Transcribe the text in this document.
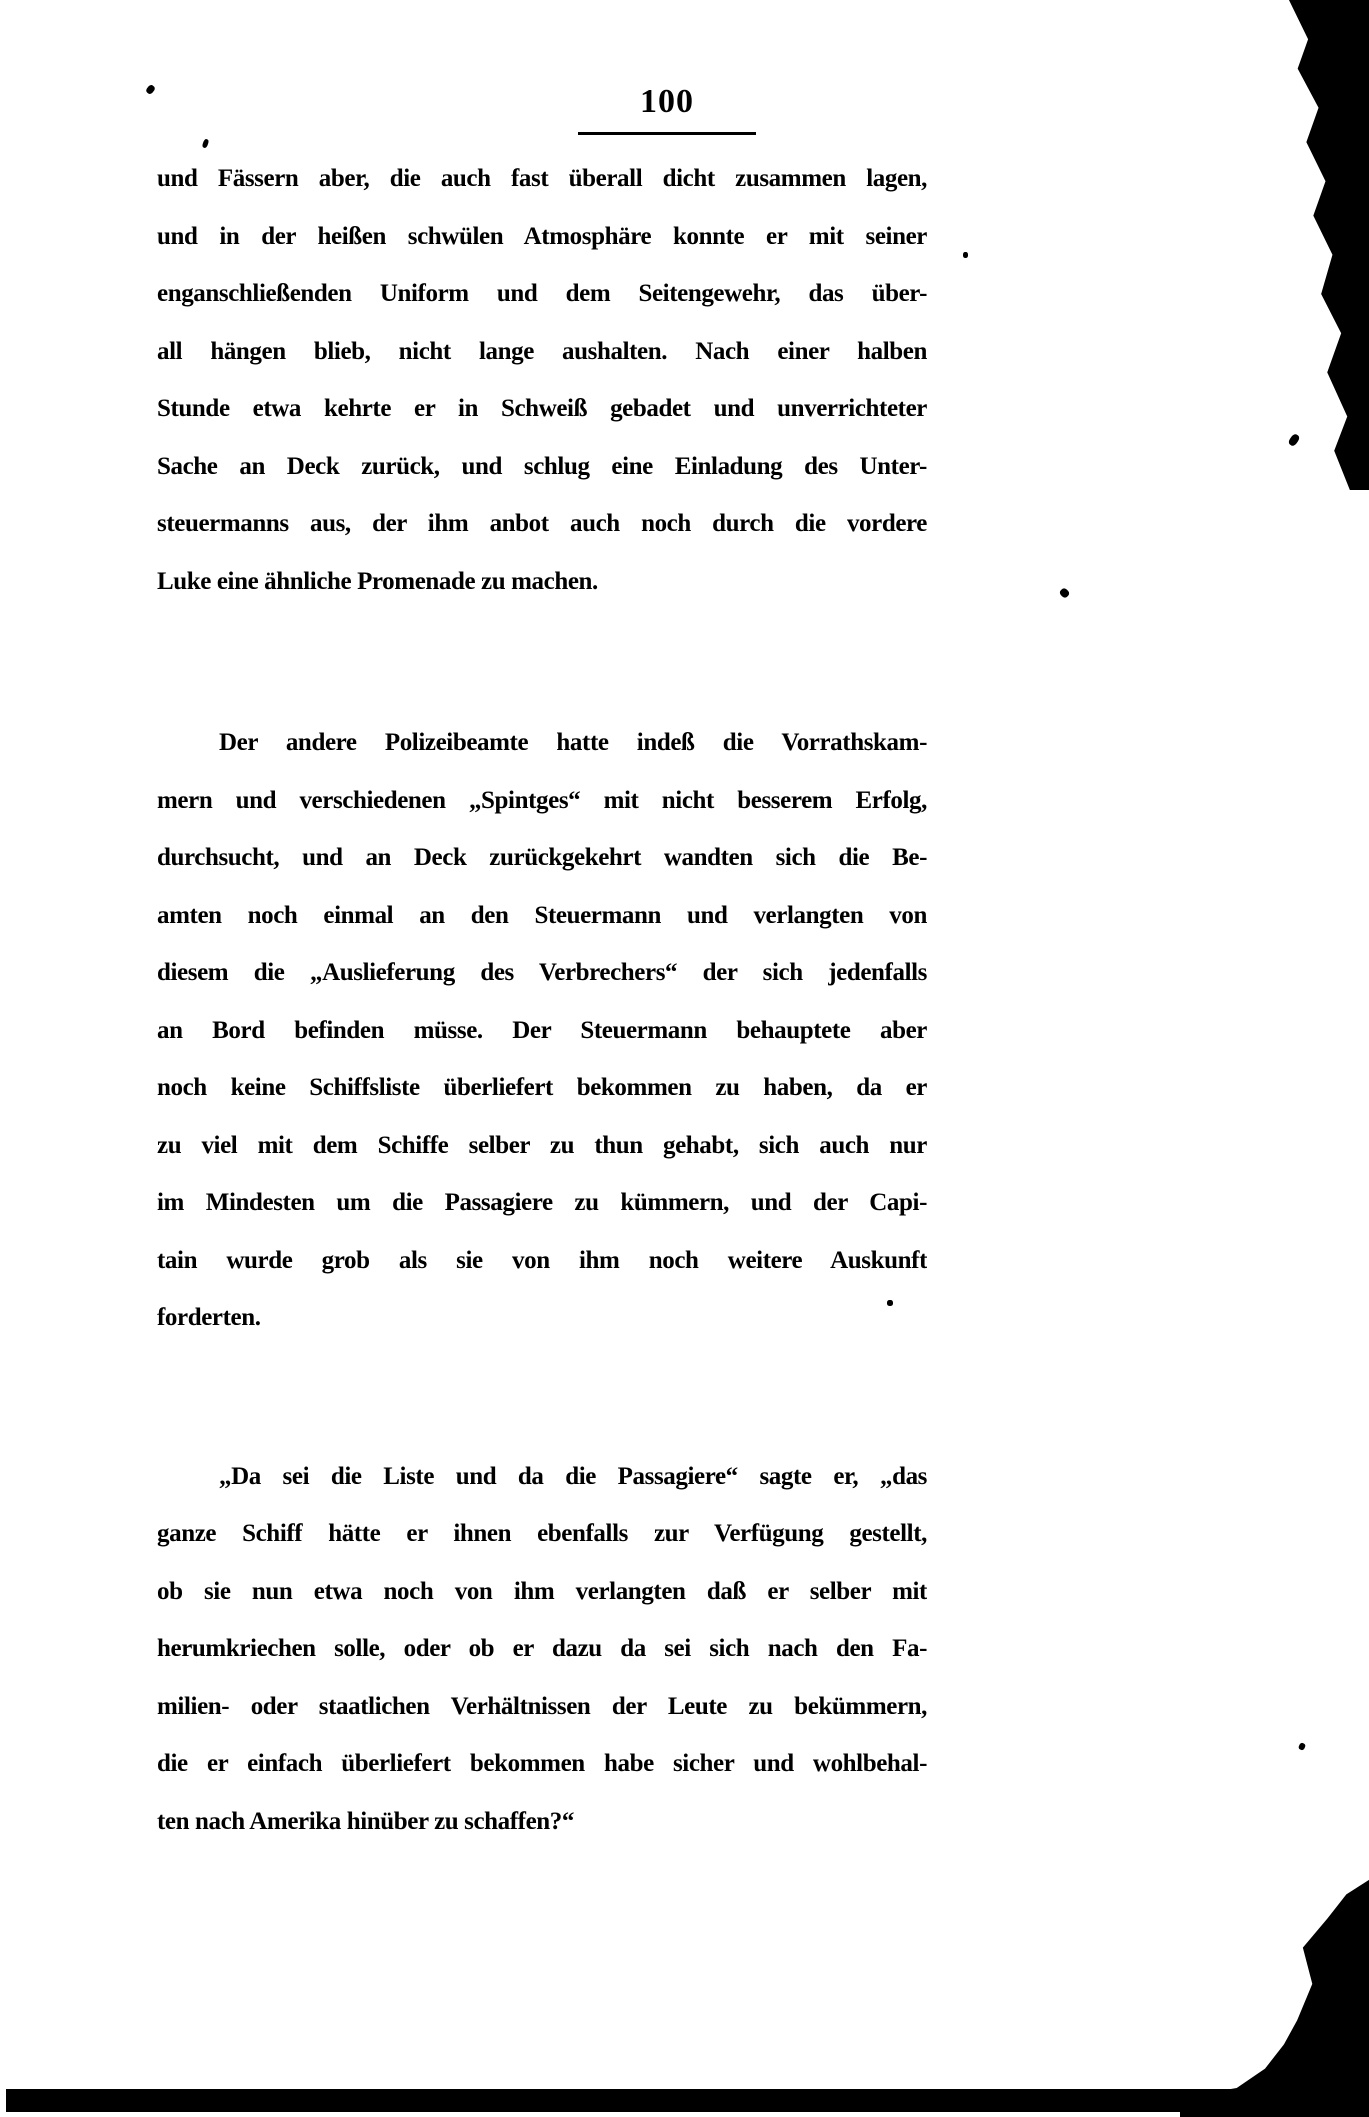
100
und Fässern aber, die auch fast überall dicht zusammen lagen,
und in der heißen schwülen Atmosphäre konnte er mit seiner
enganschließenden Uniform und dem Seitengewehr, das über-
all hängen blieb, nicht lange aushalten. Nach einer halben
Stunde etwa kehrte er in Schweiß gebadet und unverrichteter
Sache an Deck zurück, und schlug eine Einladung des Unter-
steuermanns aus, der ihm anbot auch noch durch die vordere
Luke eine ähnliche Promenade zu machen.
Der andere Polizeibeamte hatte indeß die Vorrathskam-
mern und verschiedenen „Spintges“ mit nicht besserem Erfolg,
durchsucht, und an Deck zurückgekehrt wandten sich die Be-
amten noch einmal an den Steuermann und verlangten von
diesem die „Auslieferung des Verbrechers“ der sich jedenfalls
an Bord befinden müsse. Der Steuermann behauptete aber
noch keine Schiffsliste überliefert bekommen zu haben, da er
zu viel mit dem Schiffe selber zu thun gehabt, sich auch nur
im Mindesten um die Passagiere zu kümmern, und der Capi-
tain wurde grob als sie von ihm noch weitere Auskunft
forderten.
„Da sei die Liste und da die Passagiere“ sagte er, „das
ganze Schiff hätte er ihnen ebenfalls zur Verfügung gestellt,
ob sie nun etwa noch von ihm verlangten daß er selber mit
herumkriechen solle, oder ob er dazu da sei sich nach den Fa-
milien- oder staatlichen Verhältnissen der Leute zu bekümmern,
die er einfach überliefert bekommen habe sicher und wohlbehal-
ten nach Amerika hinüber zu schaffen?“
